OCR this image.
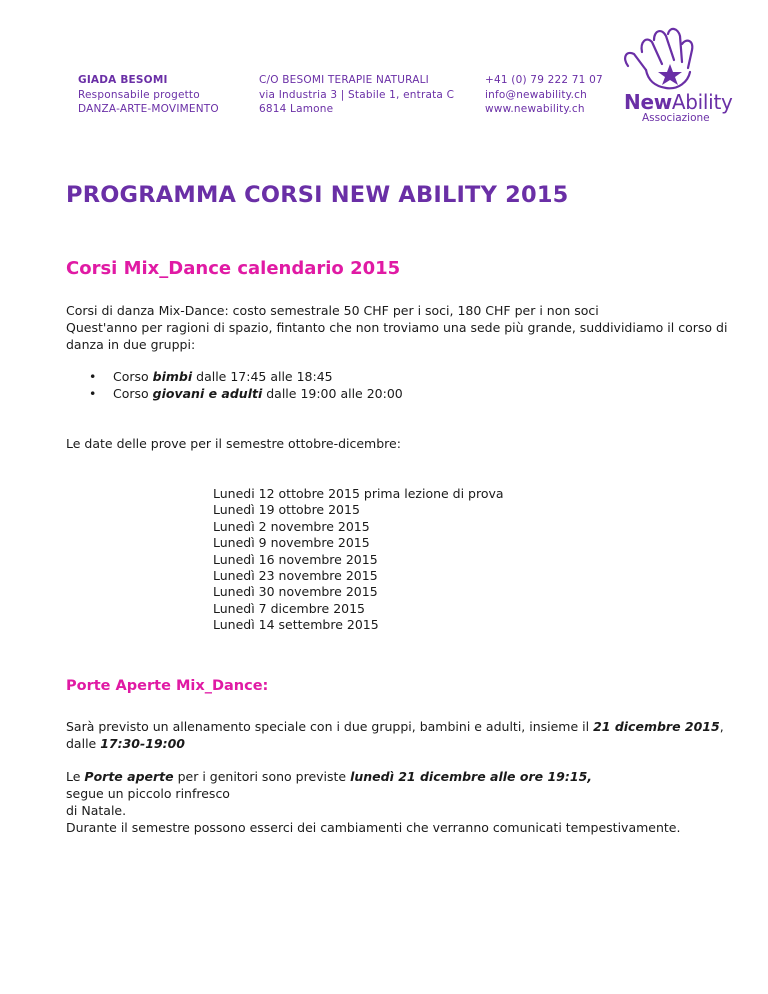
GIADA BESOMI
Responsabile progetto
DANZA-ARTE-MOVIMENTO
C/O BESOMI TERAPIE NATURALI
via Industria 3 | Stabile 1, entrata C
6814 Lamone
+41 (0) 79 222 71 07
info@newability.ch
www.newability.ch	NewAbility
Associazione
PROGRAMMA CORSI NEW ABILITY 2015
Corsi Mix_Dance calendario 2015

Corsi di danza Mix-Dance: costo semestrale 50 CHF per i soci, 180 CHF per i non soci
Quest'anno per ragioni di spazio, fintanto che non troviamo una sede più grande, suddividiamo il corso di
danza in due gruppi:

• Corso bimbi dalle 17:45 alle 18:45
• Corso giovani e adulti dalle 19:00 alle 20:00

Le date delle prove per il semestre ottobre-dicembre:

Lunedi 12 ottobre 2015 prima lezione di prova
Lunedì 19 ottobre 2015
Lunedì 2 novembre 2015
Lunedì 9 novembre 2015
Lunedì 16 novembre 2015
Lunedì 23 novembre 2015
Lunedì 30 novembre 2015
Lunedì 7 dicembre 2015
Lunedì 14 settembre 2015
Porte Aperte Mix_Dance:

Sarà previsto un allenamento speciale con i due gruppi, bambini e adulti, insieme il 21 dicembre 2015,
dalle 17:30-19:00

Le Porte aperte per i genitori sono previste lunedì 21 dicembre alle ore 19:15, segue un piccolo rinfresco
di Natale.

Durante il semestre possono esserci dei cambiamenti che verranno comunicati tempestivamente.
